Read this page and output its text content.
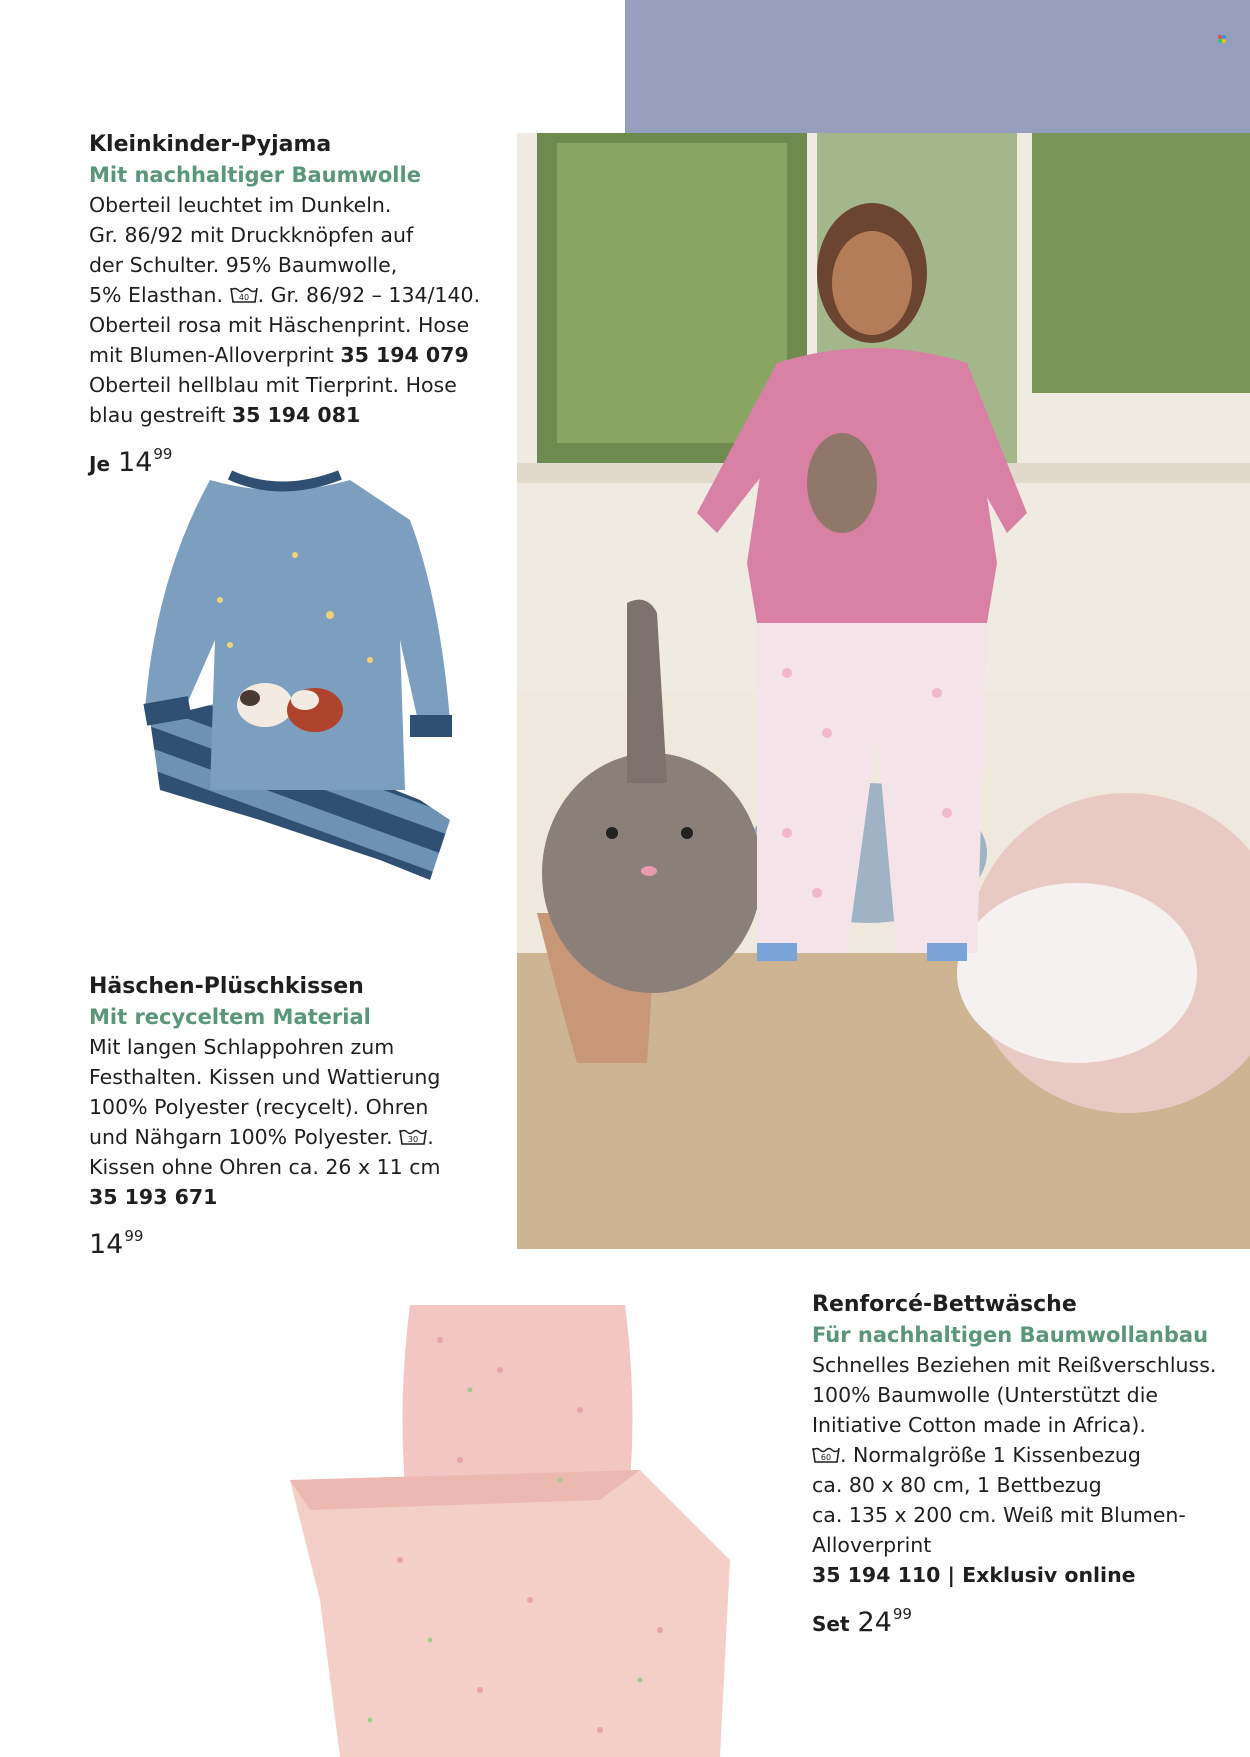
Kleinkinder-Pyjama

Mit nachhaltiger Baumwolle

Oberteil leuchtet im Dunkeln.

Gr. 86/92 mit Druckknöpfen auf

der Schulter. 95% Baumwolle,

5% Elasthan. 40 . Gr. 86/92 – 134/140.

Oberteil rosa mit Häschenprint. Hose

mit Blumen-Alloverprint 35 194 079

Oberteil hellblau mit Tierprint. Hose

blau gestreift 35 194 081

Je $14^{99}$

Häschen-Plüschkissen

Mit recyceltem Material

Mit langen Schlappohren zum

Festhalten. Kissen und Wattierung

100% Polyester (recycelt). Ohren

und Nähgarn 100% Polyester. 30 .

Kissen ohne Ohren ca. 26 x 11 cm

35 193 671

$14^{99}$

Renforcé-Bettwäsche

Für nachhaltigen Baumwollanbau

Schnelles Beziehen mit Reißverschluss.

100% Baumwolle (Unterstützt die

Initiative Cotton made in Africa).

60 . Normalgröße 1 Kissenbezug

ca. 80 x 80 cm, 1 Bettbezug

ca. 135 x 200 cm. Weiß mit Blumen-

Alloverprint

35 194 110 | Exklusiv online

Set $24^{99}$
